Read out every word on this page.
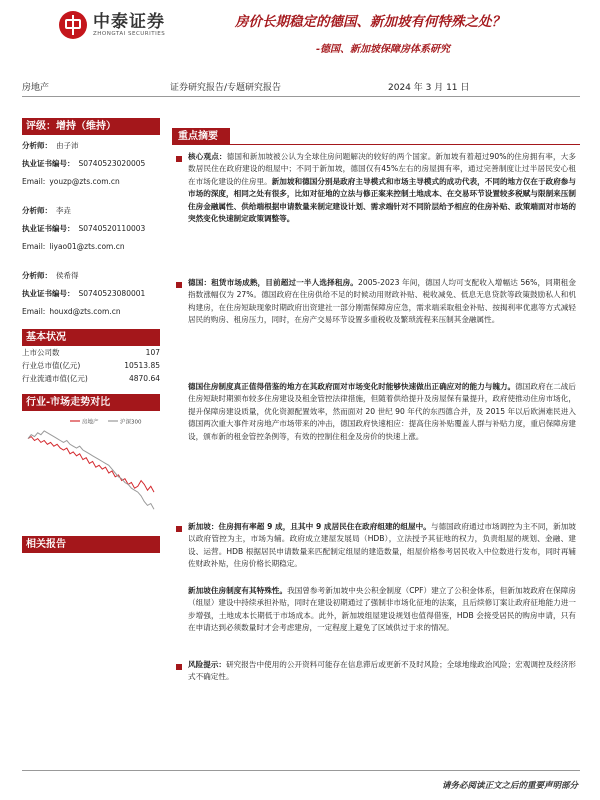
中泰证券
ZHONGTAI SECURITIES
房价长期稳定的德国、新加坡有何特殊之处？
-德国、新加坡保障房体系研究
房地产	证券研究报告/专题研究报告	2024 年 3 月 11 日
评级：增持（维持）
分析师： 由子沛
执业证书编号： S0740523020005
Email: youzp@zts.com.cn
分析师： 李垚
执业证书编号： S0740520110003
Email: liyao01@zts.com.cn
分析师： 侯希得
执业证书编号： S0740523080001
Email: houxd@zts.com.cn
基本状况
上市公司数	107
行业总市值(亿元)	10513.85
行业流通市值(亿元)	4870.64
行业-市场走势对比
房地产	沪深300
相关报告
重点摘要
核心观点：德国和新加坡被公认为全球住房问题解决的较好的两个国家。新加坡有着超过90%的住房拥有率，大多数居民住在政府建设的组屋中；不同于新加坡，德国仅有45%左右的房屋拥有率，通过完善制度让过半居民安心租在市场化建设的住房里。新加坡和德国分别是政府主导模式和市场主导模式的成功代表，不同的地方仅在于政府参与市场的深度，相同之处有很多，比如对征地的立法与修正案来控制土地成本、在交易环节设置较多税赋与限制来压制住房金融属性、供给端根据申请数量来制定建设计划、需求端针对不同阶层给予相应的住房补贴、政策端面对市场的突然变化快速制定政策调整等。
德国：租赁市场成熟，目前超过一半人选择租房。2005-2023 年间，德国人均可支配收入增幅达 56%，同期租金指数涨幅仅为 27%。德国政府在住房供给不足的时候动用财政补贴、税收减免、低息无息贷款等政策鼓励私人和机构建房，在住房短缺现象时期政府出资建社一部分刚需保障房应急，需求端采取租金补贴、按揭利率优惠等方式减轻居民的购房、租房压力，同时，在房产交易环节设置多重税收及繁琐流程来压制其金融属性。
德国住房制度真正值得借鉴的地方在其政府面对市场变化时能够快速做出正确应对的能力与魄力。德国政府在二战后住房短缺时期颁布较多住房建设及租金管控法律措施，但随着供给提升及房屋保有量提升，政府使推动住房市场化，提升保障房建设质量，优化资源配置效率，然而面对 20 世纪 90 年代的东西德合并，及 2015 年以后欧洲难民进入德国两次重大事件对房地产市场带来的冲击，德国政府快速相应：提高住房补贴覆盖人群与补贴力度，重启保障房建设，颁布新的租金管控条例等，有效的控制住租金及房价的快速上涨。
新加坡：住房拥有率超 9 成，且其中 9 成居民住在政府组建的组屋中。与德国政府通过市场调控为主不同，新加坡以政府管控为主，市场为辅。政府成立建屋发展局（HDB），立法授予其征地的权力，负责组屋的规划、金融、建设、运营。HDB 根据居民申请数量来匹配制定组屋的建造数量，组屋价格参考居民收入中位数进行发布，同时再辅佐财政补贴，住房价格长期稳定。
新加坡住房制度有其特殊性。我国曾参考新加坡中央公积金制度（CPF）建立了公积金体系，但新加坡政府在保障房（组屋）建设中持续承担补贴，同时在建设初期通过了强制非市场化征地的法案，且后续修订案让政府征地能力进一步增强，土地成本长期低于市场成本。此外，新加坡组屋建设规划也值得借鉴，HDB 会接受居民的购房申请，只有在申请达到必须数量时才会考虑建房，一定程度上避免了区域供过于求的情况。
风险提示：研究报告中使用的公开资料可能存在信息滞后或更新不及时风险；全球地缘政治风险；宏观调控及经济形式不确定性。
请务必阅读正文之后的重要声明部分
